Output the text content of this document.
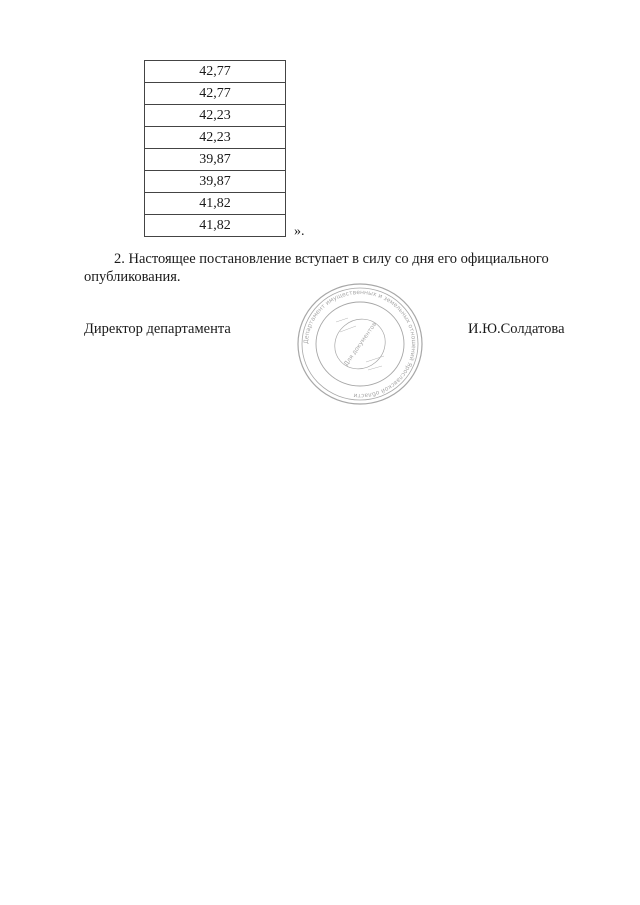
42,77
42,77
42,23
42,23
39,87
39,87
41,82
41,82	».
2. Настоящее постановление вступает в силу со дня его официального
опубликования.
Директор департамента
Департамент имущественных и земельных отношений Ярославской области
Для документов	И.Ю.Солдатова
